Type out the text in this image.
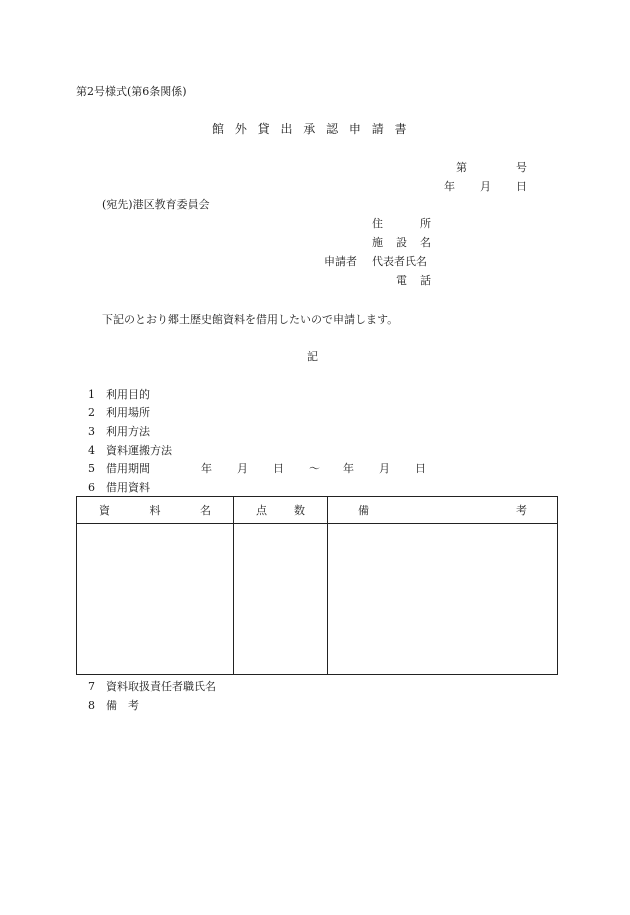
第2号様式(第6条関係)
館 外 貸 出 承 認 申 請 書
第	号
年 月 日
(宛先)港区教育委員会
住	所
施 設 名
申請者 代表者氏名
電 話
下記のとおり郷土歴史館資料を借用したいので申請します。
記
1 利用目的
2 利用場所
3 利用方法
4 資料運搬方法
5 借用期間	年 月 日 〜 年 月 日
6 借用資料
資 料 名	点 数	備 考

7 資料取扱責任者職氏名
8 備　考
